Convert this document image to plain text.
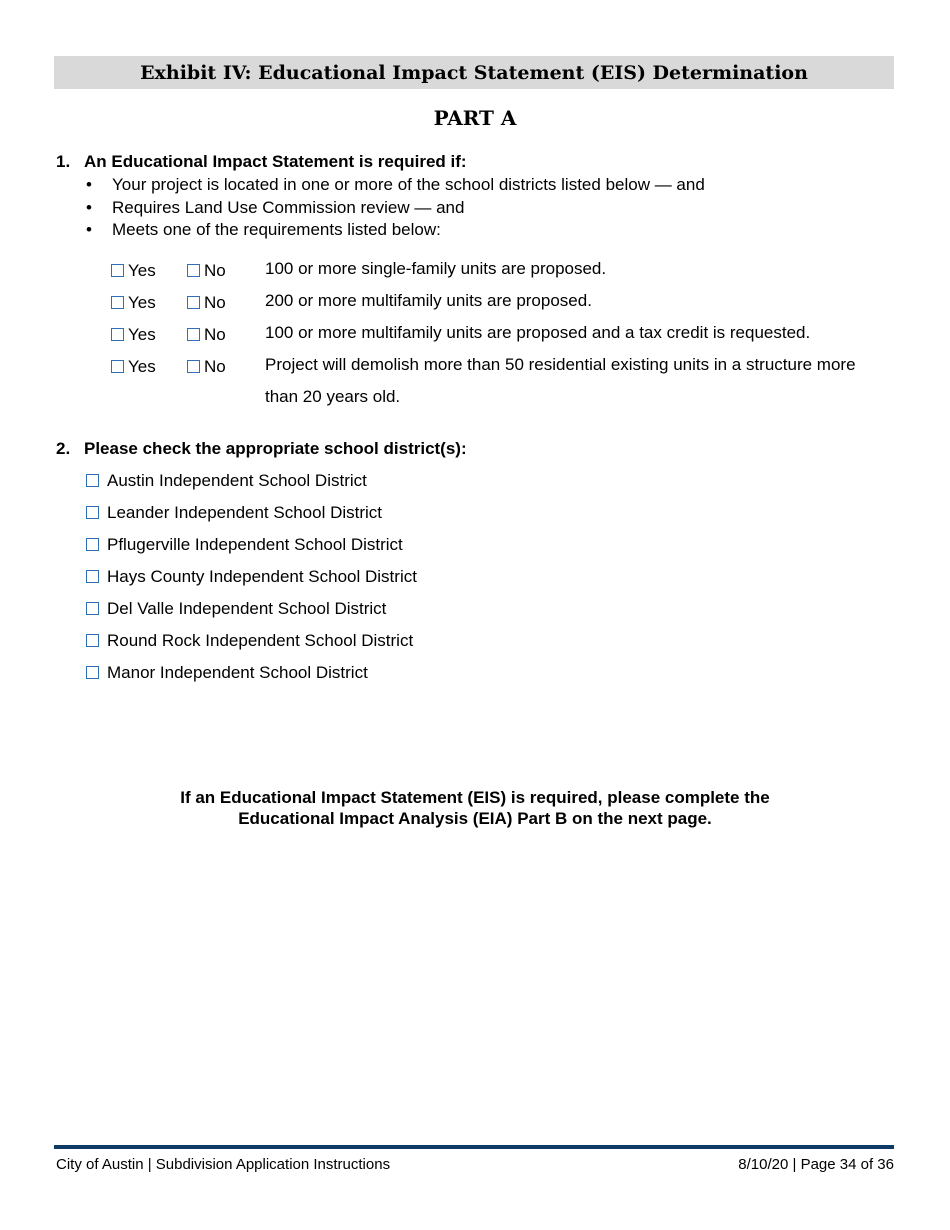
Exhibit IV: Educational Impact Statement (EIS) Determination
PART A
1. An Educational Impact Statement is required if:
• Your project is located in one or more of the school districts listed below — and
• Requires Land Use Commission review — and
• Meets one of the requirements listed below:
Yes	No 100 or more single-family units are proposed.
Yes	No 200 or more multifamily units are proposed.
Yes	No 100 or more multifamily units are proposed and a tax credit is requested.
Yes	No Project will demolish more than 50 residential existing units in a structure more than 20 years old.
2. Please check the appropriate school district(s):
Austin Independent School District
Leander Independent School District
Pflugerville Independent School District
Hays County Independent School District
Del Valle Independent School District
Round Rock Independent School District
Manor Independent School District
If an Educational Impact Statement (EIS) is required, please complete the
Educational Impact Analysis (EIA) Part B on the next page.
City of Austin | Subdivision Application Instructions	8/10/20 | Page 34 of 36
